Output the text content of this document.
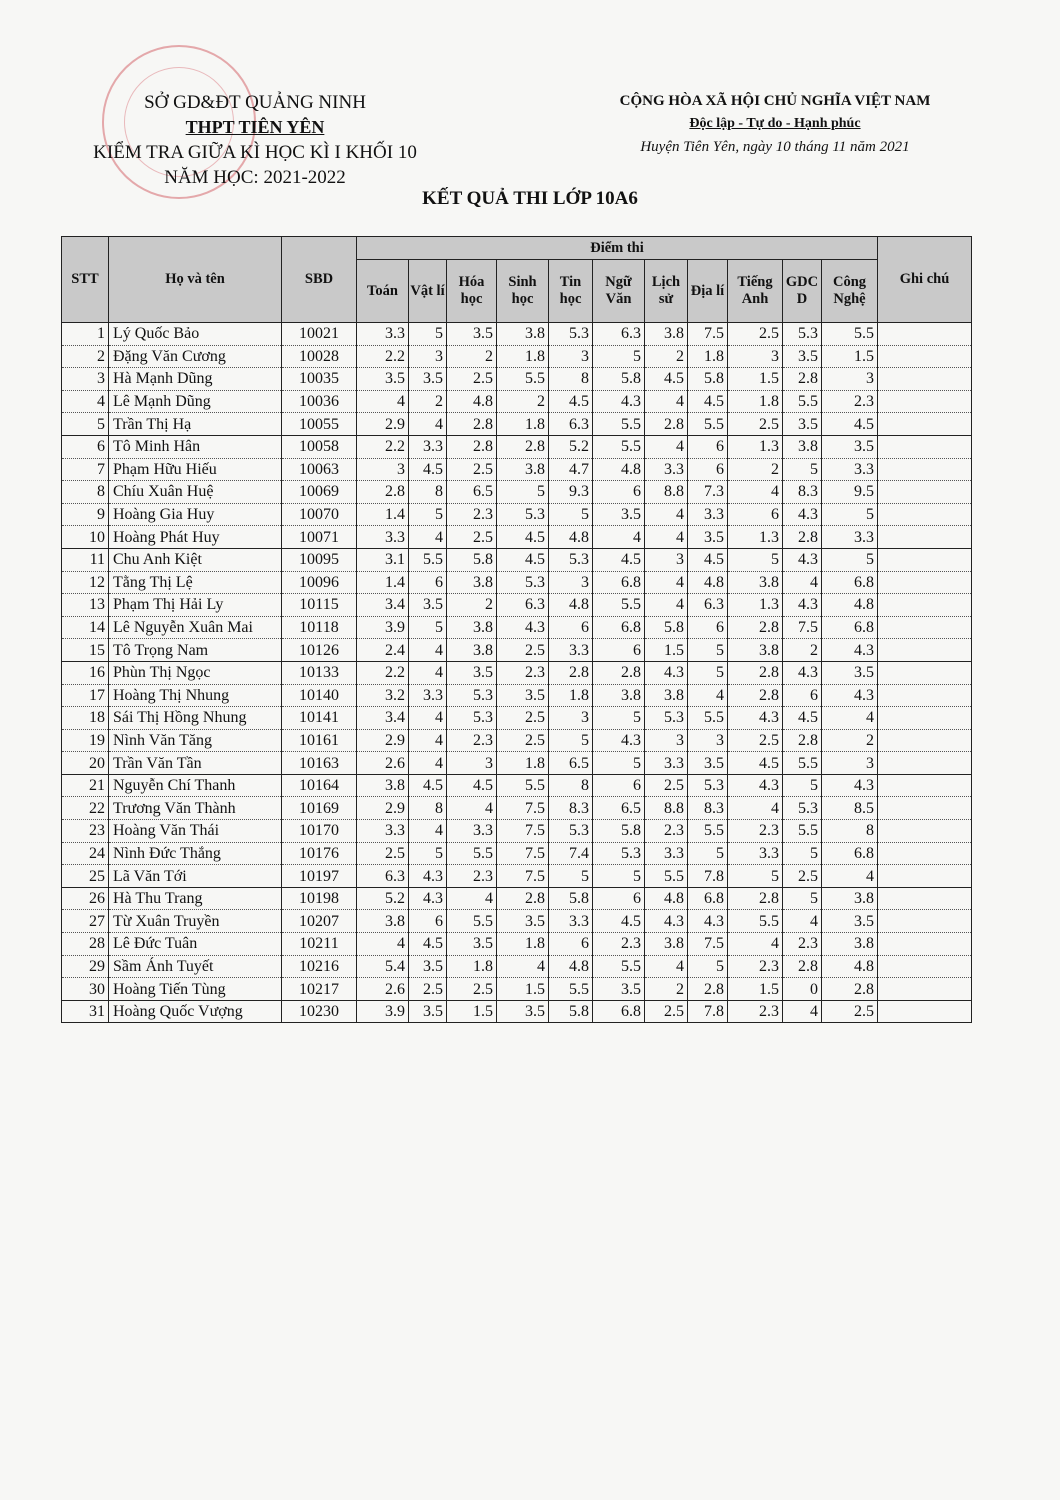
SỞ GD&ĐT QUẢNG NINH
THPT TIÊN YÊN
KIỂM TRA GIỮA KÌ HỌC KÌ I KHỐI 10
NĂM HỌC: 2021-2022
CỘNG HÒA XÃ HỘI CHỦ NGHĨA VIỆT NAM
Độc lập - Tự do - Hạnh phúc
Huyện Tiên Yên, ngày 10 tháng 11 năm 2021
KẾT QUẢ THI LỚP 10A6
STT	Họ và tên	SBD	Điểm thi											Ghi chú
			Toán	Vật lí	Hóa học	Sinh học	Tin học	Ngữ Văn	Lịch sử	Địa lí	Tiếng Anh	GDC D	Công Nghệ	
1	Lý Quốc Bảo	10021	3.3	5	3.5	3.8	5.3	6.3	3.8	7.5	2.5	5.3	5.5	
2	Đặng Văn Cương	10028	2.2	3	2	1.8	3	5	2	1.8	3	3.5	1.5	
3	Hà Mạnh Dũng	10035	3.5	3.5	2.5	5.5	8	5.8	4.5	5.8	1.5	2.8	3	
4	Lê Mạnh Dũng	10036	4	2	4.8	2	4.5	4.3	4	4.5	1.8	5.5	2.3	
5	Trần Thị Hạ	10055	2.9	4	2.8	1.8	6.3	5.5	2.8	5.5	2.5	3.5	4.5	
6	Tô Minh Hân	10058	2.2	3.3	2.8	2.8	5.2	5.5	4	6	1.3	3.8	3.5	
7	Phạm Hữu Hiếu	10063	3	4.5	2.5	3.8	4.7	4.8	3.3	6	2	5	3.3	
8	Chíu Xuân Huệ	10069	2.8	8	6.5	5	9.3	6	8.8	7.3	4	8.3	9.5	
9	Hoàng Gia Huy	10070	1.4	5	2.3	5.3	5	3.5	4	3.3	6	4.3	5	
10	Hoàng Phát Huy	10071	3.3	4	2.5	4.5	4.8	4	4	3.5	1.3	2.8	3.3	
11	Chu Anh Kiệt	10095	3.1	5.5	5.8	4.5	5.3	4.5	3	4.5	5	4.3	5	
12	Tằng Thị Lệ	10096	1.4	6	3.8	5.3	3	6.8	4	4.8	3.8	4	6.8	
13	Phạm Thị Hải Ly	10115	3.4	3.5	2	6.3	4.8	5.5	4	6.3	1.3	4.3	4.8	
14	Lê Nguyễn Xuân Mai	10118	3.9	5	3.8	4.3	6	6.8	5.8	6	2.8	7.5	6.8	
15	Tô Trọng Nam	10126	2.4	4	3.8	2.5	3.3	6	1.5	5	3.8	2	4.3	
16	Phùn Thị Ngọc	10133	2.2	4	3.5	2.3	2.8	2.8	4.3	5	2.8	4.3	3.5	
17	Hoàng Thị Nhung	10140	3.2	3.3	5.3	3.5	1.8	3.8	3.8	4	2.8	6	4.3	
18	Sái Thị Hồng Nhung	10141	3.4	4	5.3	2.5	3	5	5.3	5.5	4.3	4.5	4	
19	Nình Văn Tăng	10161	2.9	4	2.3	2.5	5	4.3	3	3	2.5	2.8	2	
20	Trần Văn Tần	10163	2.6	4	3	1.8	6.5	5	3.3	3.5	4.5	5.5	3	
21	Nguyễn Chí Thanh	10164	3.8	4.5	4.5	5.5	8	6	2.5	5.3	4.3	5	4.3	
22	Trương Văn Thành	10169	2.9	8	4	7.5	8.3	6.5	8.8	8.3	4	5.3	8.5	
23	Hoàng Văn Thái	10170	3.3	4	3.3	7.5	5.3	5.8	2.3	5.5	2.3	5.5	8	
24	Nình Đức Thắng	10176	2.5	5	5.5	7.5	7.4	5.3	3.3	5	3.3	5	6.8	
25	Lã Văn Tới	10197	6.3	4.3	2.3	7.5	5	5	5.5	7.8	5	2.5	4	
26	Hà Thu Trang	10198	5.2	4.3	4	2.8	5.8	6	4.8	6.8	2.8	5	3.8	
27	Từ Xuân Truyền	10207	3.8	6	5.5	3.5	3.3	4.5	4.3	4.3	5.5	4	3.5	
28	Lê Đức Tuân	10211	4	4.5	3.5	1.8	6	2.3	3.8	7.5	4	2.3	3.8	
29	Sầm Ánh Tuyết	10216	5.4	3.5	1.8	4	4.8	5.5	4	5	2.3	2.8	4.8	
30	Hoàng Tiến Tùng	10217	2.6	2.5	2.5	1.5	5.5	3.5	2	2.8	1.5	0	2.8	
31	Hoàng Quốc Vượng	10230	3.9	3.5	1.5	3.5	5.8	6.8	2.5	7.8	2.3	4	2.5	
